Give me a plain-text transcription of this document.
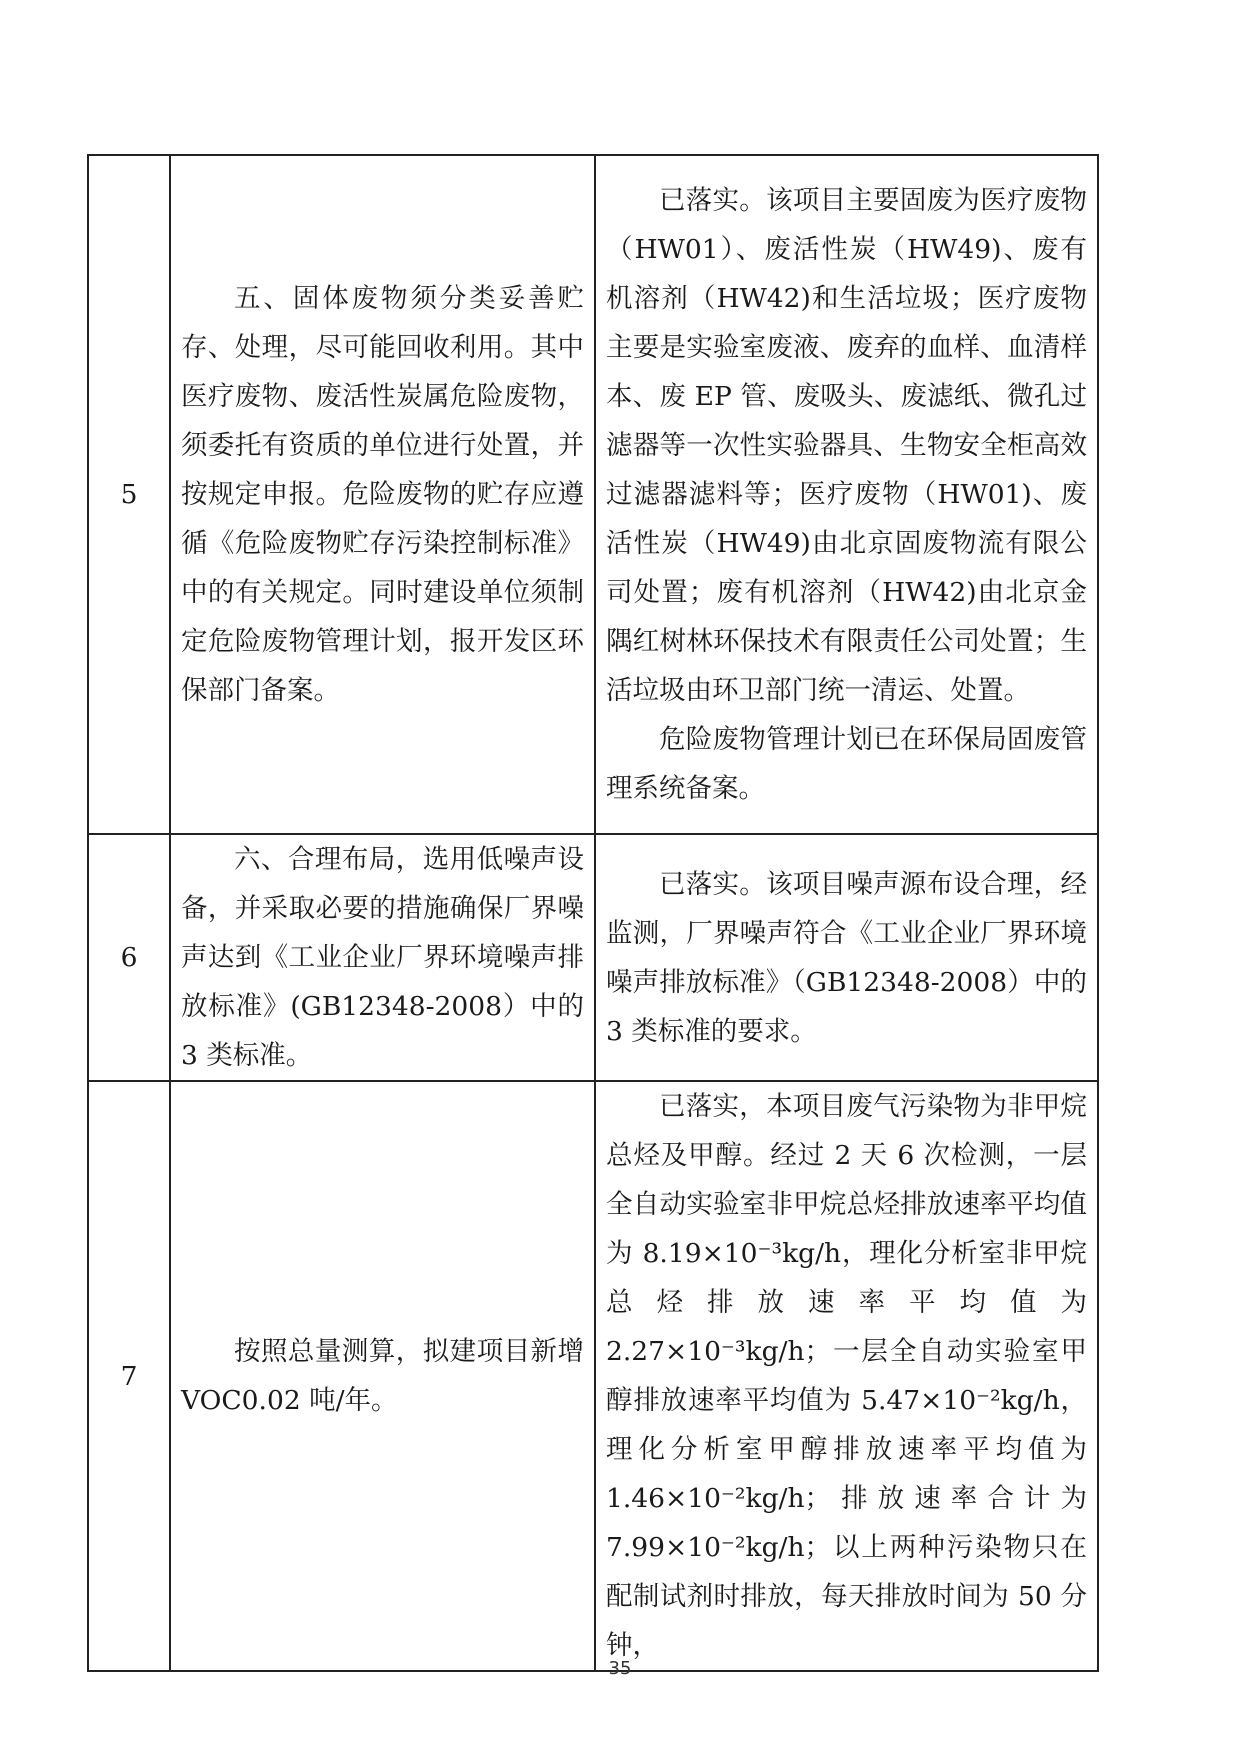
5	五、固体废物须分类妥善贮存、处理，尽可能回收利用。其中医疗废物、废活性炭属危险废物，须委托有资质的单位进行处置，并按规定申报。危险废物的贮存应遵循《危险废物贮存污染控制标准》中的有关规定。同时建设单位须制定危险废物管理计划，报开发区环保部门备案。	已落实。该项目主要固废为医疗废物（HW01）、废活性炭（HW49)、废有机溶剂（HW42)和生活垃圾；医疗废物主要是实验室废液、废弃的血样、血清样本、废 EP 管、废吸头、废滤纸、微孔过滤器等一次性实验器具、生物安全柜高效过滤器滤料等；医疗废物（HW01)、废活性炭（HW49)由北京固废物流有限公司处置；废有机溶剂（HW42)由北京金隅红树林环保技术有限责任公司处置；生活垃圾由环卫部门统一清运、处置。

危险废物管理计划已在环保局固废管理系统备案。

6	六、合理布局，选用低噪声设备，并采取必要的措施确保厂界噪声达到《工业企业厂界环境噪声排放标准》(GB12348-2008）中的 3 类标准。	已落实。该项目噪声源布设合理，经监测，厂界噪声符合《工业企业厂界环境噪声排放标准》（GB12348-2008）中的 3 类标准的要求。

7	按照总量测算，拟建项目新增 VOC0.02 吨/年。	已落实，本项目废气污染物为非甲烷总烃及甲醇。经过 2 天 6 次检测，一层全自动实验室非甲烷总烃排放速率平均值为 8.19×10⁻³kg/h，理化分析室非甲烷总烃排放速率平均值为 2.27×10⁻³kg/h；一层全自动实验室甲醇排放速率平均值为 5.47×10⁻²kg/h，理化分析室甲醇排放速率平均值为 1.46×10⁻²kg/h；排放速率合计为 7.99×10⁻²kg/h；以上两种污染物只在配制试剂时排放，每天排放时间为 50 分钟，

35
